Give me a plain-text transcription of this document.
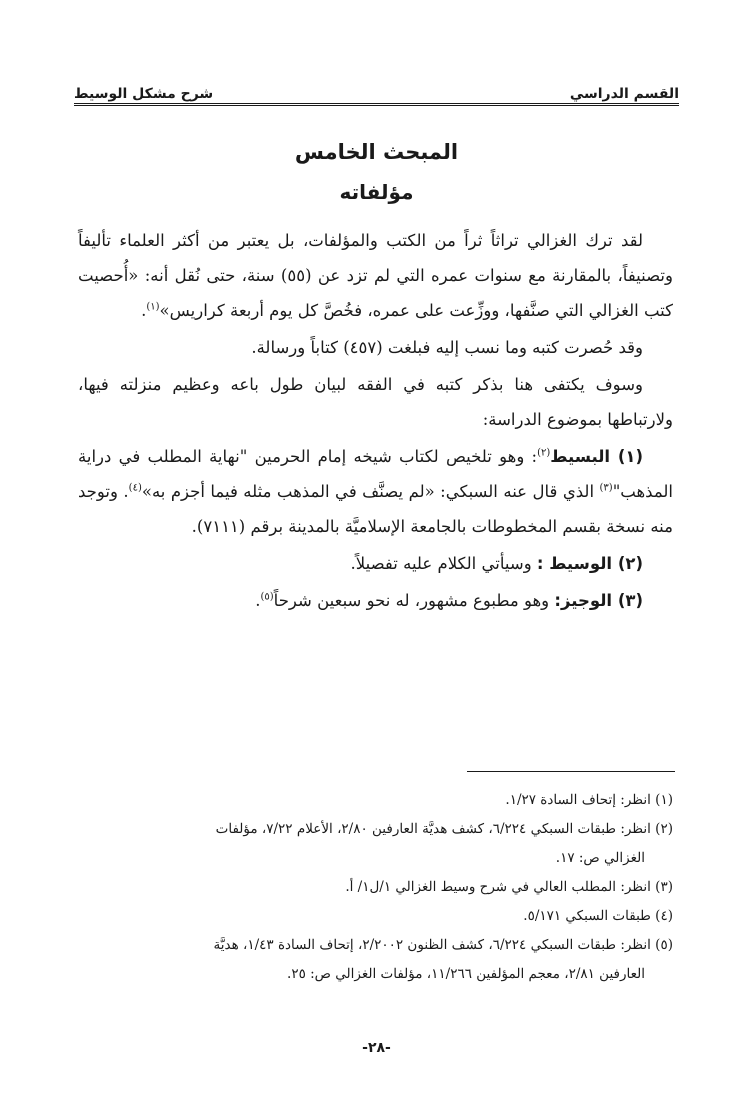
القسم الدراسي
شرح مشكل الوسيط
المبحث الخامس
مؤلفاته

لقد ترك الغزالي تراثاً ثراً من الكتب والمؤلفات، بل يعتبر من أكثر العلماء تأليفاً وتصنيفاً، بالمقارنة مع سنوات عمره التي لم تزد عن (٥٥) سنة، حتى نُقل أنه: «أُحصيت كتب الغزالي التي صنَّفها، ووزِّعت على عمره، فخُصَّ كل يوم أربعة كراريس»$^{(١)}$.

وقد حُصرت كتبه وما نسب إليه فبلغت (٤٥٧) كتاباً ورسالة.

وسوف يكتفى هنا بذكر كتبه في الفقه لبيان طول باعه وعظيم منزلته فيها، ولارتباطها بموضوع الدراسة:

(١) البسيط$^{(٢)}$: وهو تلخيص لكتاب شيخه إمام الحرمين "نهاية المطلب في دراية المذهب"$^{(٣)}$ الذي قال عنه السبكي: «لم يصنَّف في المذهب مثله فيما أجزم به»$^{(٤)}$. وتوجد منه نسخة بقسم المخطوطات بالجامعة الإسلاميَّة بالمدينة برقم (٧١١١).

(٢) الوسيط : وسيأتي الكلام عليه تفصيلاً.

(٣) الوجيز: وهو مطبوع مشهور، له نحو سبعين شرحاً$^{(٥)}$.

(١) انظر: إتحاف السادة ١/٢٧.

(٢) انظر: طبقات السبكي ٦/٢٢٤، كشف هديَّة العارفين ٢/٨٠، الأعلام ٧/٢٢، مؤلفات

الغزالي ص: ١٧.

(٣) انظر: المطلب العالي في شرح وسيط الغزالي ١/ل١/ أ.

(٤) طبقات السبكي ٥/١٧١.

(٥) انظر: طبقات السبكي ٦/٢٢٤، كشف الظنون ٢/٢٠٠٢، إتحاف السادة ١/٤٣، هديَّة

العارفين ٢/٨١، معجم المؤلفين ١١/٢٦٦، مؤلفات الغزالي ص: ٢٥.

-٢٨-
